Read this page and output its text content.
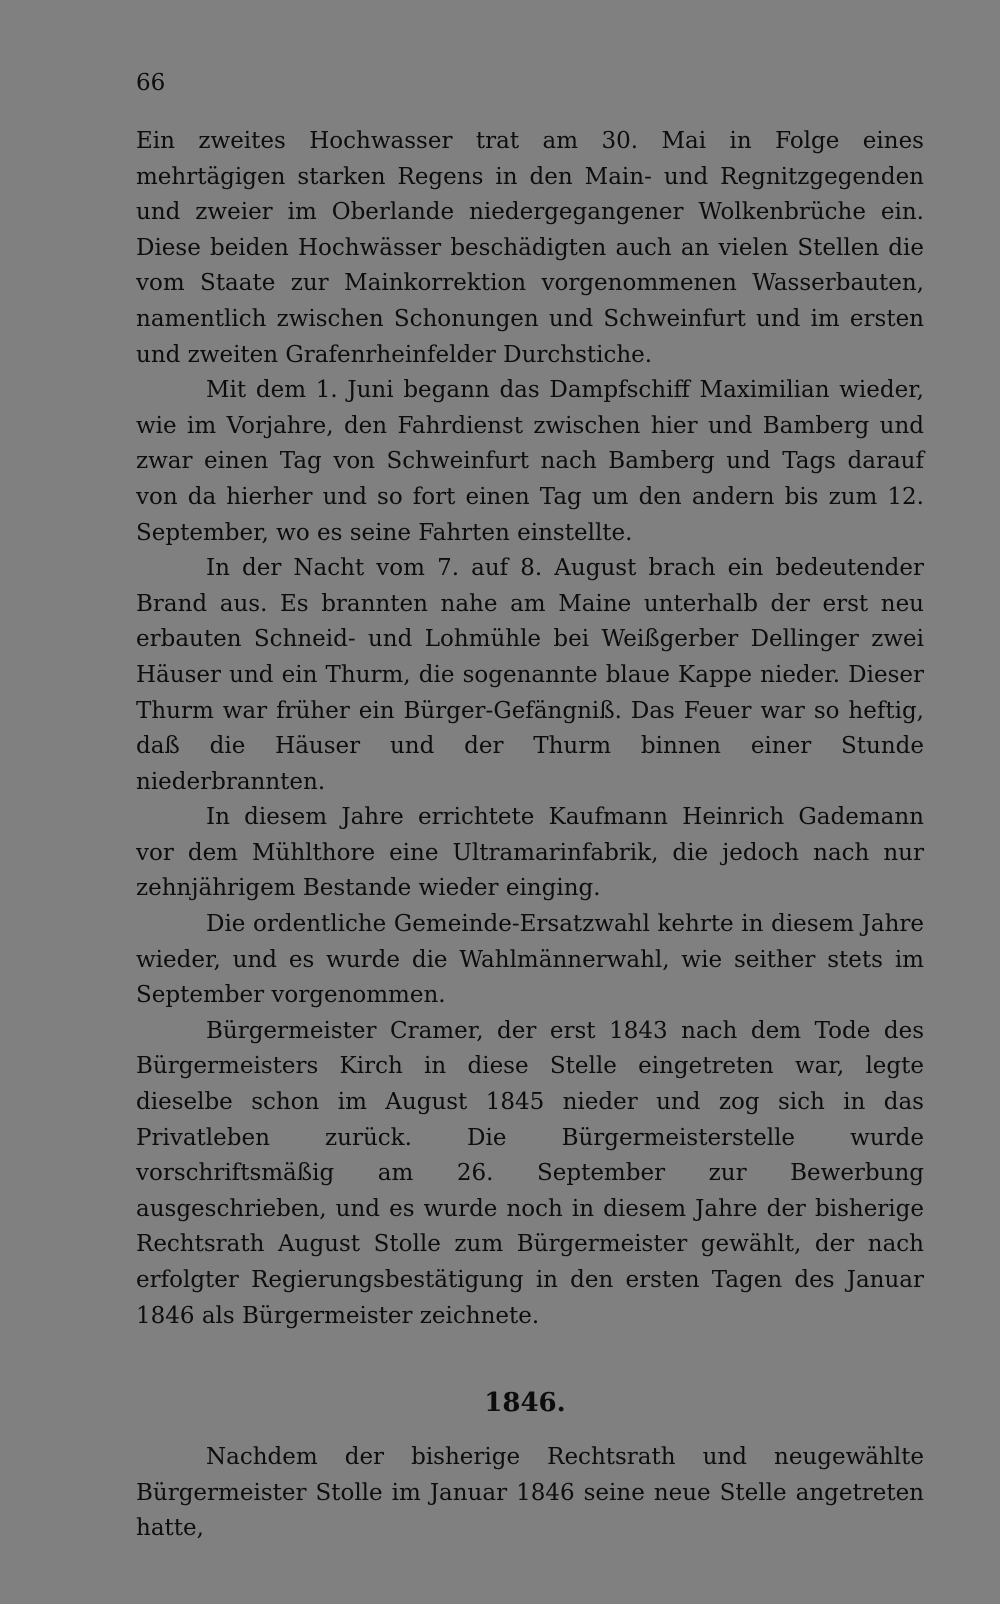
66

Ein zweites Hochwasser trat am 30. Mai in Folge eines mehrtägigen starken Regens in den Main- und Regnitzgegenden und zweier im Oberlande niedergegangener Wolkenbrüche ein. Diese beiden Hochwässer beschädigten auch an vielen Stellen die vom Staate zur Mainkorrektion vorgenommenen Wasserbauten, namentlich zwischen Schonungen und Schweinfurt und im ersten und zweiten Grafenrheinfelder Durchstiche.

Mit dem 1. Juni begann das Dampfschiff Maximilian wieder, wie im Vorjahre, den Fahrdienst zwischen hier und Bamberg und zwar einen Tag von Schweinfurt nach Bamberg und Tags darauf von da hierher und so fort einen Tag um den andern bis zum 12. September, wo es seine Fahrten einstellte.

In der Nacht vom 7. auf 8. August brach ein bedeutender Brand aus. Es brannten nahe am Maine unterhalb der erst neu erbauten Schneid- und Lohmühle bei Weißgerber Dellinger zwei Häuser und ein Thurm, die sogenannte blaue Kappe nieder. Dieser Thurm war früher ein Bürger-Gefängniß. Das Feuer war so heftig, daß die Häuser und der Thurm binnen einer Stunde niederbrannten.

In diesem Jahre errichtete Kaufmann Heinrich Gademann vor dem Mühlthore eine Ultramarinfabrik, die jedoch nach nur zehnjährigem Bestande wieder einging.

Die ordentliche Gemeinde-Ersatzwahl kehrte in diesem Jahre wieder, und es wurde die Wahlmännerwahl, wie seither stets im September vorgenommen.

Bürgermeister Cramer, der erst 1843 nach dem Tode des Bürgermeisters Kirch in diese Stelle eingetreten war, legte dieselbe schon im August 1845 nieder und zog sich in das Privatleben zurück. Die Bürgermeisterstelle wurde vorschriftsmäßig am 26. September zur Bewerbung ausgeschrieben, und es wurde noch in diesem Jahre der bisherige Rechtsrath August Stolle zum Bürgermeister gewählt, der nach erfolgter Regierungsbestätigung in den ersten Tagen des Januar 1846 als Bürgermeister zeichnete.

1846.

Nachdem der bisherige Rechtsrath und neugewählte Bürgermeister Stolle im Januar 1846 seine neue Stelle angetreten hatte,
